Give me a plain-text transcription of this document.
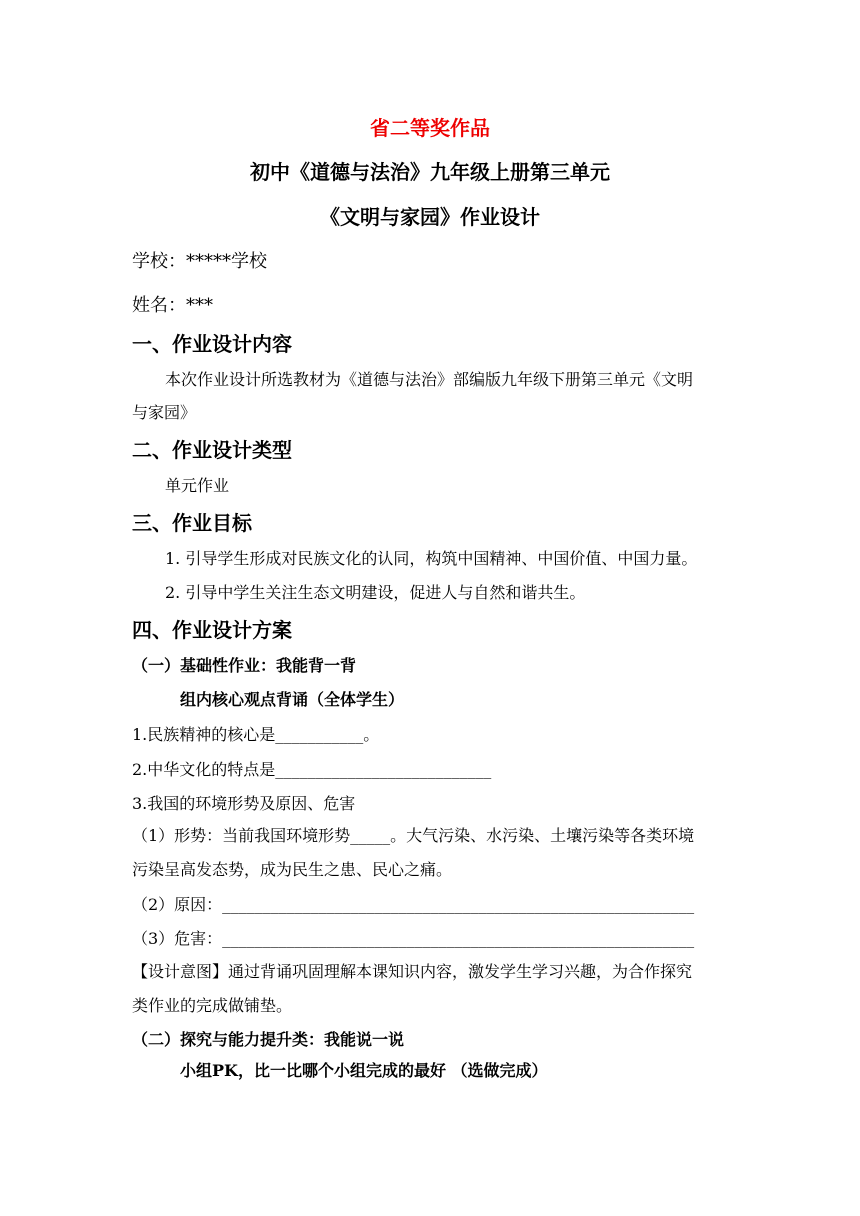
省二等奖作品
初中《道德与法治》九年级上册第三单元
《文明与家园》作业设计
学校：*****学校
姓名：***
一、作业设计内容
本次作业设计所选教材为《道德与法治》部编版九年级下册第三单元《文明
与家园》
二、作业设计类型
单元作业
三、作业目标
1. 引导学生形成对民族文化的认同，构筑中国精神、中国价值、中国力量。
2. 引导中学生关注生态文明建设，促进人与自然和谐共生。
四、作业设计方案
（一）基础性作业：我能背一背
组内核心观点背诵（全体学生）
1.民族精神的核心是___________。
2.中华文化的特点是___________________________
3.我国的环境形势及原因、危害
（1）形势：当前我国环境形势_____。大气污染、水污染、土壤污染等各类环境
污染呈高发态势，成为民生之患、民心之痛。
（2）原因：___________________________________________________________
（3）危害：___________________________________________________________
【设计意图】通过背诵巩固理解本课知识内容，激发学生学习兴趣，为合作探究
类作业的完成做铺垫。
（二）探究与能力提升类：我能说一说
小组PK，比一比哪个小组完成的最好 （选做完成）
